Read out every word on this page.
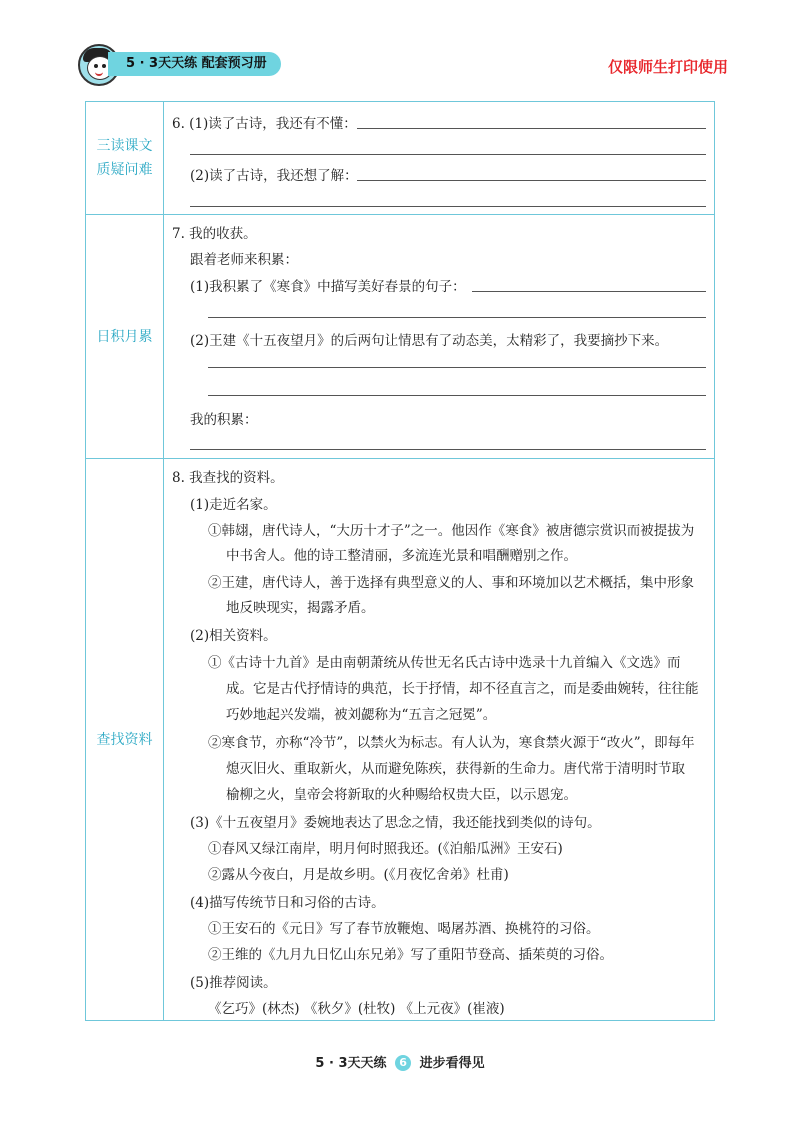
5 · 3天天练 配套预习册	仅限师生打印使用
三读课文
质疑问难
6. (1)读了古诗，我还有不懂：
(2)读了古诗，我还想了解：
日积月累
7. 我的收获。
跟着老师来积累：
(1)我积累了《寒食》中描写美好春景的句子：
(2)王建《十五夜望月》的后两句让情思有了动态美，太精彩了，我要摘抄下来。
我的积累：
查找资料
8. 我查找的资料。
(1)走近名家。
①韩翃，唐代诗人，“大历十才子”之一。他因作《寒食》被唐德宗赏识而被提拔为
中书舍人。他的诗工整清丽，多流连光景和唱酬赠别之作。
②王建，唐代诗人，善于选择有典型意义的人、事和环境加以艺术概括，集中形象
地反映现实，揭露矛盾。
(2)相关资料。
①《古诗十九首》是由南朝萧统从传世无名氏古诗中选录十九首编入《文选》而
成。它是古代抒情诗的典范，长于抒情，却不径直言之，而是委曲婉转，往往能
巧妙地起兴发端，被刘勰称为“五言之冠冕”。
②寒食节，亦称“冷节”，以禁火为标志。有人认为，寒食禁火源于“改火”，即每年
熄灭旧火、重取新火，从而避免陈疾，获得新的生命力。唐代常于清明时节取
榆柳之火，皇帝会将新取的火种赐给权贵大臣，以示恩宠。
(3)《十五夜望月》委婉地表达了思念之情，我还能找到类似的诗句。
①春风又绿江南岸，明月何时照我还。(《泊船瓜洲》王安石)
②露从今夜白，月是故乡明。(《月夜忆舍弟》杜甫)
(4)描写传统节日和习俗的古诗。
①王安石的《元日》写了春节放鞭炮、喝屠苏酒、换桃符的习俗。
②王维的《九月九日忆山东兄弟》写了重阳节登高、插茱萸的习俗。
(5)推荐阅读。
《乞巧》(林杰) 《秋夕》(杜牧) 《上元夜》(崔液)
5 · 3天天练 6 进步看得见
